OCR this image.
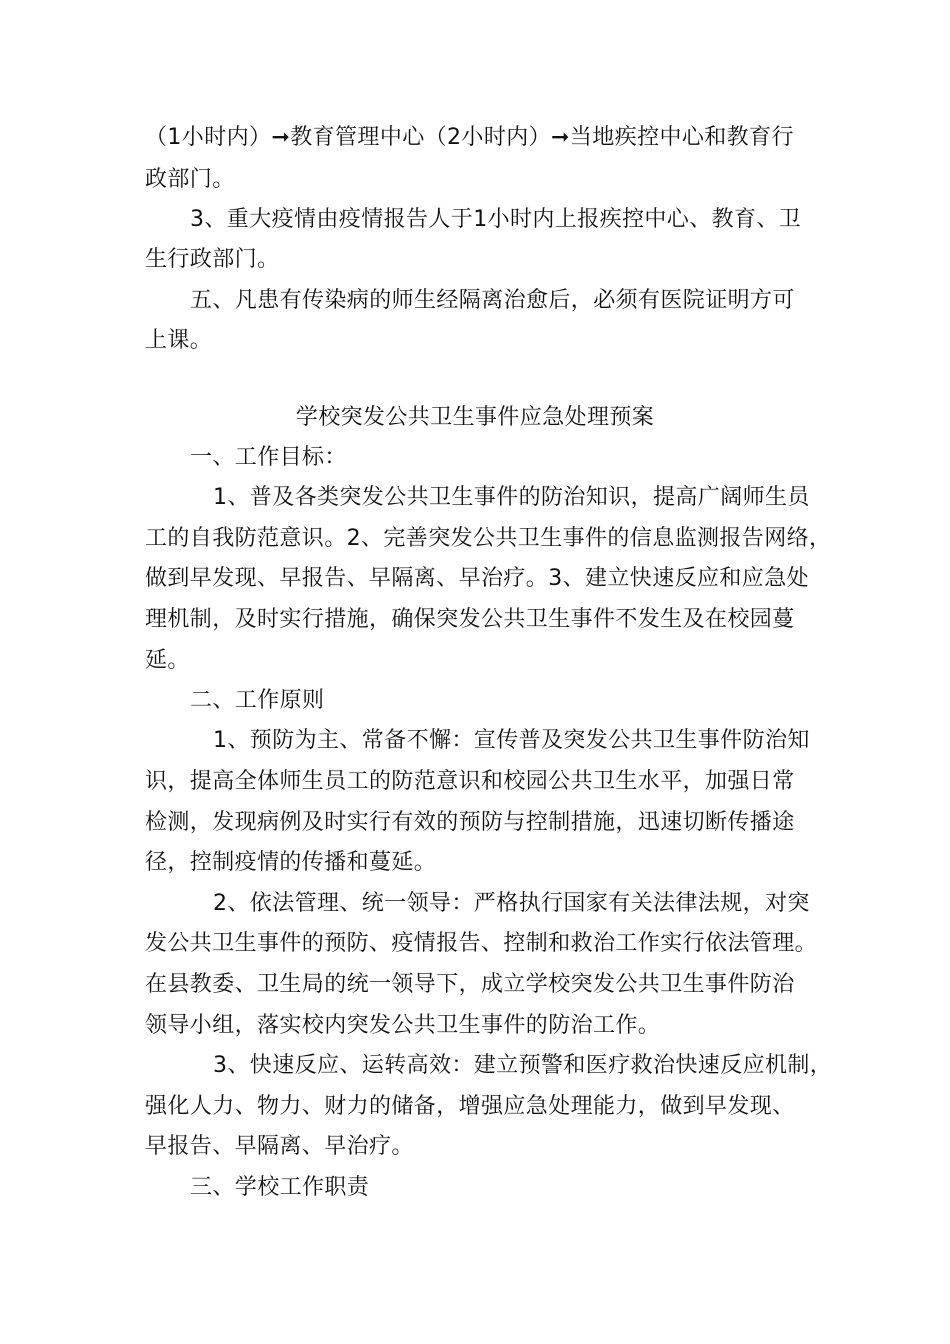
（1小时内）➞教育管理中心（2小时内）➞当地疾控中心和教育行
政部门。
3、重大疫情由疫情报告人于1小时内上报疾控中心、教育、卫
生行政部门。
五、凡患有传染病的师生经隔离治愈后，必须有医院证明方可
上课。
学校突发公共卫生事件应急处理预案
一、工作目标：
1、普及各类突发公共卫生事件的防治知识，提高广阔师生员
工的自我防范意识。2、完善突发公共卫生事件的信息监测报告网络，
做到早发现、早报告、早隔离、早治疗。3、建立快速反应和应急处
理机制，及时实行措施，确保突发公共卫生事件不发生及在校园蔓
延。
二、工作原则
1、预防为主、常备不懈：宣传普及突发公共卫生事件防治知
识，提高全体师生员工的防范意识和校园公共卫生水平，加强日常
检测，发现病例及时实行有效的预防与控制措施，迅速切断传播途
径，控制疫情的传播和蔓延。
2、依法管理、统一领导：严格执行国家有关法律法规，对突
发公共卫生事件的预防、疫情报告、控制和救治工作实行依法管理。
在县教委、卫生局的统一领导下，成立学校突发公共卫生事件防治
领导小组，落实校内突发公共卫生事件的防治工作。
3、快速反应、运转高效：建立预警和医疗救治快速反应机制，
强化人力、物力、财力的储备，增强应急处理能力，做到早发现、
早报告、早隔离、早治疗。
三、学校工作职责
